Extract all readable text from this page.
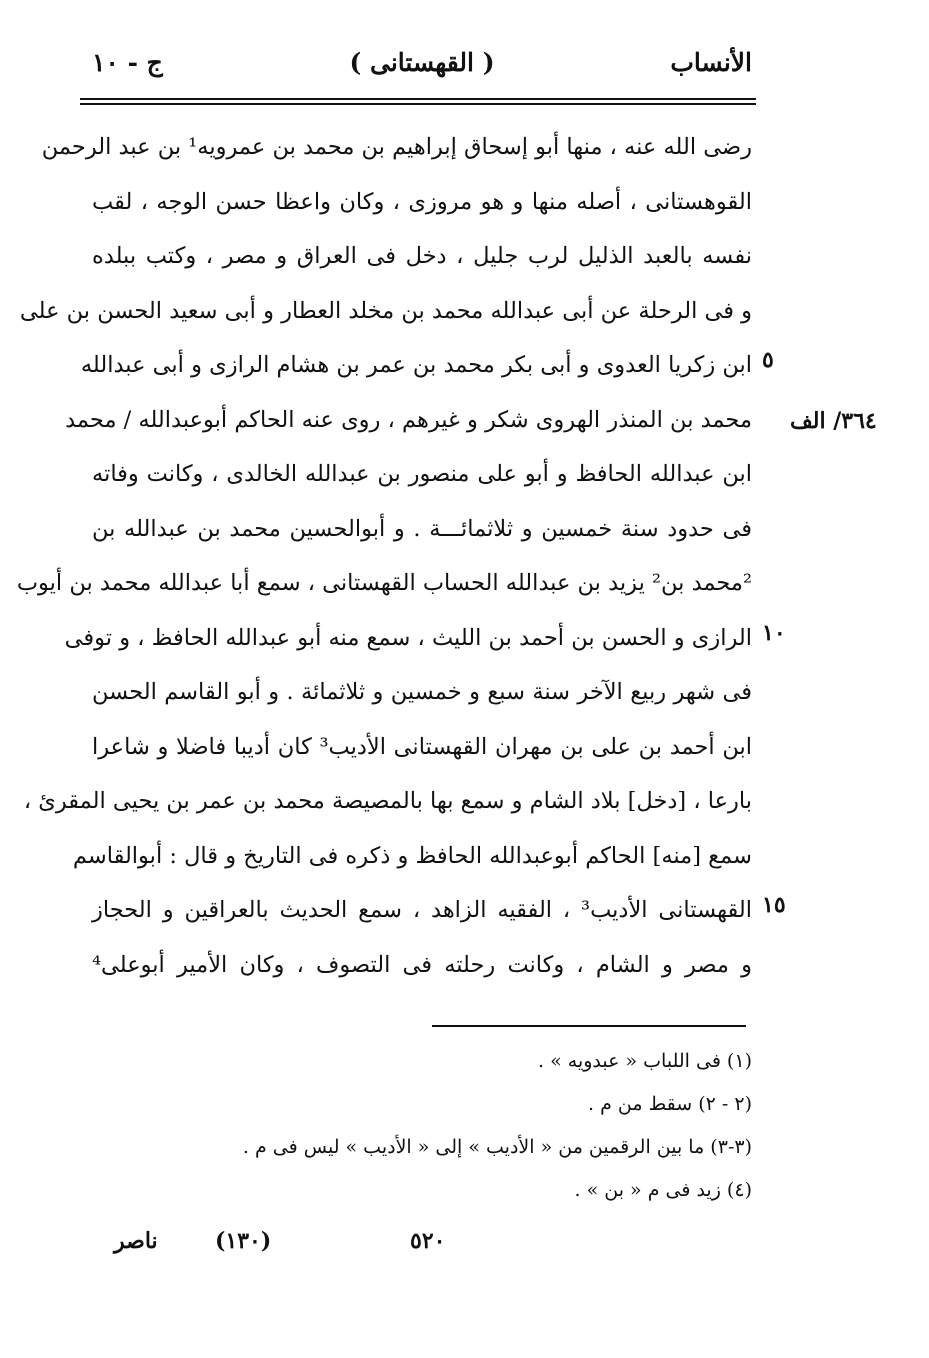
الأنساب
( القهستانى )
ج - ١٠
٣٦٤/ الف
٥
١٠
١٥
رضى الله عنه ، منها أبو إسحاق إبراهيم بن محمد بن عمرويه¹ بن عبد الرحمن
القوهستانى ، أصله منها و هو مروزى ، وكان واعظا حسن الوجه ، لقب
نفسه بالعبد الذليل لرب جليل ، دخل فى العراق و مصر ، وكتب ببلده
و فى الرحلة عن أبى عبدالله محمد بن مخلد العطار و أبى سعيد الحسن بن على
ابن زكريا العدوى و أبى بكر محمد بن عمر بن هشام الرازى و أبى عبدالله
محمد بن المنذر الهروى شكر و غيرهم ، روى عنه الحاكم أبوعبدالله / محمد
ابن عبدالله الحافظ و أبو على منصور بن عبدالله الخالدى ، وكانت وفاته
فى حدود سنة خمسين و ثلاثمائـــة . و أبوالحسين محمد بن عبدالله بن
²محمد بن² يزيد بن عبدالله الحساب القهستانى ، سمع أبا عبدالله محمد بن أيوب
الرازى و الحسن بن أحمد بن الليث ، سمع منه أبو عبدالله الحافظ ، و توفى
فى شهر ربيع الآخر سنة سبع و خمسين و ثلاثمائة . و أبو القاسم الحسن
ابن أحمد بن على بن مهران القهستانى الأديب³ كان أديبا فاضلا و شاعرا
بارعا ، [دخل] بلاد الشام و سمع بها بالمصيصة محمد بن عمر بن يحيى المقرئ ،
سمع [منه] الحاكم أبوعبدالله الحافظ و ذكره فى التاريخ و قال : أبوالقاسم
القهستانى الأديب³ ، الفقيه الزاهد ، سمع الحديث بالعراقين و الحجاز
و مصر و الشام ، وكانت رحلته فى التصوف ، وكان الأمير أبوعلى⁴
(١) فى اللباب « عبدويه » .
(٢ - ٢) سقط من م .
(٣-٣) ما بين الرقمين من « الأديب » إلى « الأديب » ليس فى م .
(٤) زيد فى م « بن » .
ناصر	(١٣٠)	٥٢٠
